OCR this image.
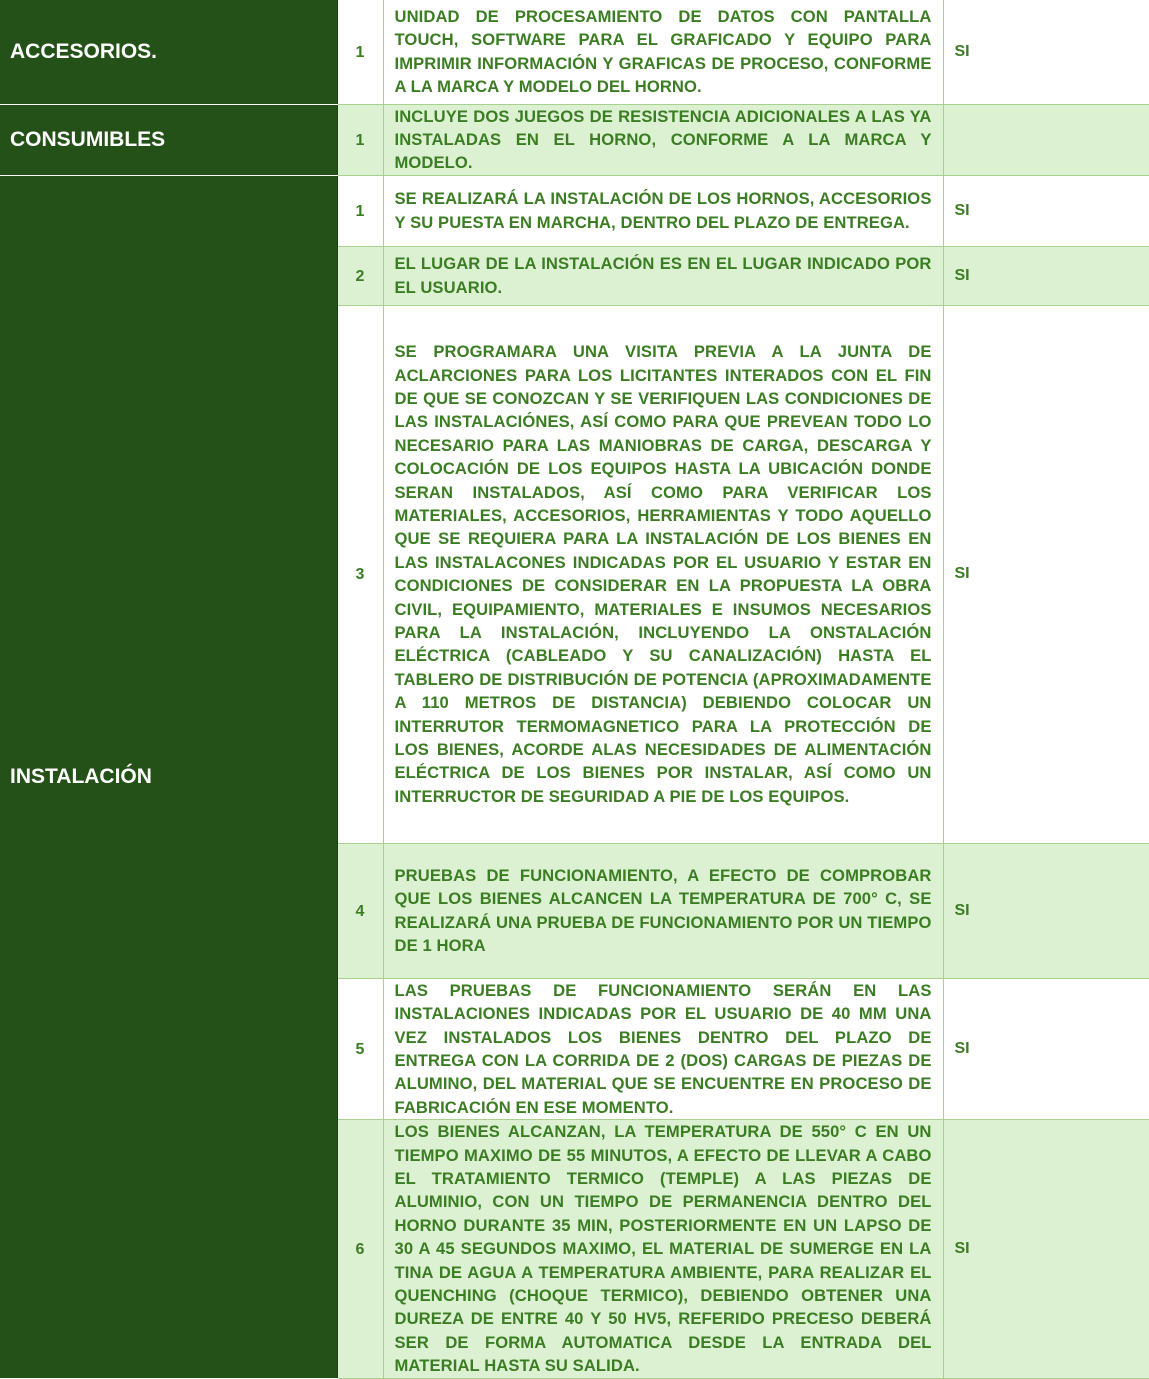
ACCESORIOS.	1	UNIDAD DE PROCESAMIENTO DE DATOS CON PANTALLA TOUCH, SOFTWARE PARA EL GRAFICADO Y EQUIPO PARA IMPRIMIR INFORMACIÓN Y GRAFICAS DE PROCESO, CONFORME A LA MARCA Y MODELO DEL HORNO.	SI
CONSUMIBLES	1	INCLUYE DOS JUEGOS DE RESISTENCIA ADICIONALES A LAS YA INSTALADAS EN EL HORNO, CONFORME A LA MARCA Y MODELO.	
INSTALACIÓN	1	SE REALIZARÁ LA INSTALACIÓN DE LOS HORNOS, ACCESORIOS Y SU PUESTA EN MARCHA, DENTRO DEL PLAZO DE ENTREGA.	SI
	2	EL LUGAR DE LA INSTALACIÓN ES EN EL LUGAR INDICADO POR EL USUARIO.	SI
	3	SE PROGRAMARA UNA VISITA PREVIA A LA JUNTA DE ACLARCIONES PARA LOS LICITANTES INTERADOS CON EL FIN DE QUE SE CONOZCAN Y SE VERIFIQUEN LAS CONDICIONES DE LAS INSTALACIÓNES, ASÍ COMO PARA QUE PREVEAN TODO LO NECESARIO PARA LAS MANIOBRAS DE CARGA, DESCARGA Y COLOCACIÓN DE LOS EQUIPOS HASTA LA UBICACIÓN DONDE SERAN INSTALADOS, ASÍ COMO PARA VERIFICAR LOS MATERIALES, ACCESORIOS, HERRAMIENTAS Y TODO AQUELLO QUE SE REQUIERA PARA LA INSTALACIÓN DE LOS BIENES EN LAS INSTALACONES INDICADAS POR EL USUARIO Y ESTAR EN CONDICIONES DE CONSIDERAR EN LA PROPUESTA LA OBRA CIVIL, EQUIPAMIENTO, MATERIALES E INSUMOS NECESARIOS PARA LA INSTALACIÓN, INCLUYENDO LA ONSTALACIÓN ELÉCTRICA (CABLEADO Y SU CANALIZACIÓN) HASTA EL TABLERO DE DISTRIBUCIÓN DE POTENCIA (APROXIMADAMENTE A 110 METROS DE DISTANCIA) DEBIENDO COLOCAR UN INTERRUTOR TERMOMAGNETICO PARA LA PROTECCIÓN DE LOS BIENES, ACORDE ALAS NECESIDADES DE ALIMENTACIÓN ELÉCTRICA DE LOS BIENES POR INSTALAR, ASÍ COMO UN INTERRUCTOR DE SEGURIDAD A PIE DE LOS EQUIPOS.	SI
	4	PRUEBAS DE FUNCIONAMIENTO, A EFECTO DE COMPROBAR QUE LOS BIENES ALCANCEN LA TEMPERATURA DE 700° C, SE REALIZARÁ UNA PRUEBA DE FUNCIONAMIENTO POR UN TIEMPO DE 1 HORA	SI
	5	LAS PRUEBAS DE FUNCIONAMIENTO SERÁN EN LAS INSTALACIONES INDICADAS POR EL USUARIO DE 40 MM UNA VEZ INSTALADOS LOS BIENES DENTRO DEL PLAZO DE ENTREGA CON LA CORRIDA DE 2 (DOS) CARGAS DE PIEZAS DE ALUMINO, DEL MATERIAL QUE SE ENCUENTRE EN PROCESO DE FABRICACIÓN EN ESE MOMENTO.	SI
	6	LOS BIENES ALCANZAN, LA TEMPERATURA DE 550° C EN UN TIEMPO MAXIMO DE 55 MINUTOS, A EFECTO DE LLEVAR A CABO EL TRATAMIENTO TERMICO (TEMPLE) A LAS PIEZAS DE ALUMINIO, CON UN TIEMPO DE PERMANENCIA DENTRO DEL HORNO DURANTE 35 MIN, POSTERIORMENTE EN UN LAPSO DE 30 A 45 SEGUNDOS MAXIMO, EL MATERIAL DE SUMERGE EN LA TINA DE AGUA A TEMPERATURA AMBIENTE, PARA REALIZAR EL QUENCHING (CHOQUE TERMICO), DEBIENDO OBTENER UNA DUREZA DE ENTRE 40 Y 50 HV5, REFERIDO PRECESO DEBERÁ SER DE FORMA AUTOMATICA DESDE LA ENTRADA DEL MATERIAL HASTA SU SALIDA.	SI
